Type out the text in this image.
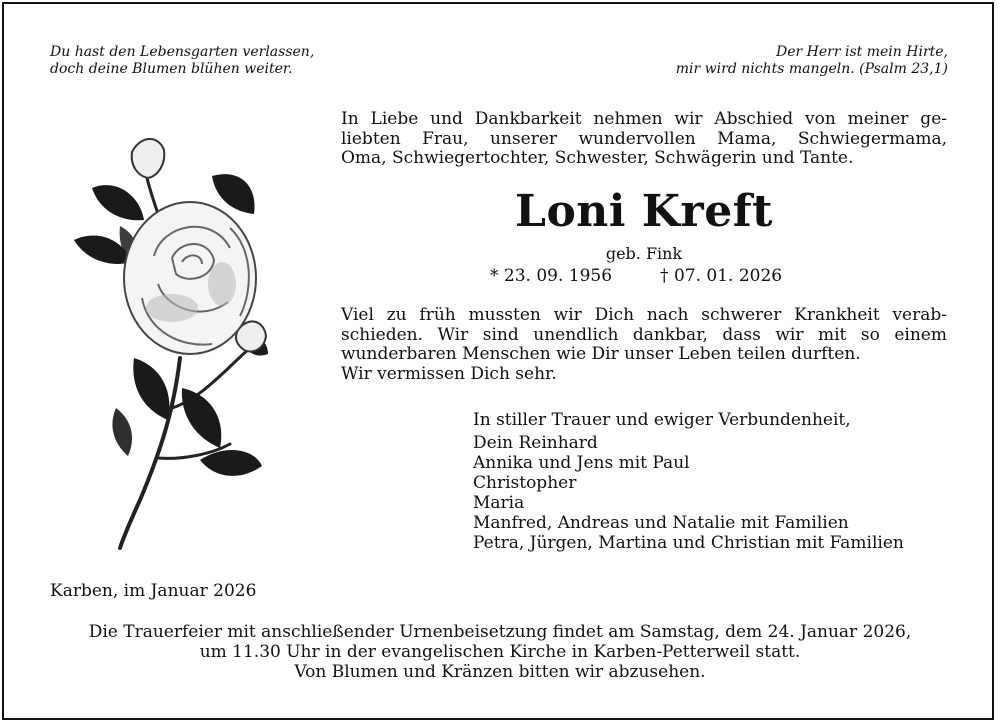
Du hast den Lebensgarten verlassen,
doch deine Blumen blühen weiter.
Der Herr ist mein Hirte,
mir wird nichts mangeln. (Psalm 23,1)
In Liebe und Dankbarkeit nehmen wir Abschied von meiner ge-
liebten Frau, unserer wundervollen Mama, Schwiegermama,
Oma, Schwiegertochter, Schwester, Schwägerin und Tante.
Loni Kreft
geb. Fink
* 23. 09. 1956	† 07. 01. 2026
Viel zu früh mussten wir Dich nach schwerer Krankheit verab-
schieden. Wir sind unendlich dankbar, dass wir mit so einem
wunderbaren Menschen wie Dir unser Leben teilen durften.
Wir vermissen Dich sehr.
In stiller Trauer und ewiger Verbundenheit,
Dein Reinhard
Annika und Jens mit Paul
Christopher
Maria
Manfred, Andreas und Natalie mit Familien
Petra, Jürgen, Martina und Christian mit Familien
Karben, im Januar 2026
Die Trauerfeier mit anschließender Urnenbeisetzung findet am Samstag, dem 24. Januar 2026,
um 11.30 Uhr in der evangelischen Kirche in Karben-Petterweil statt.
Von Blumen und Kränzen bitten wir abzusehen.
